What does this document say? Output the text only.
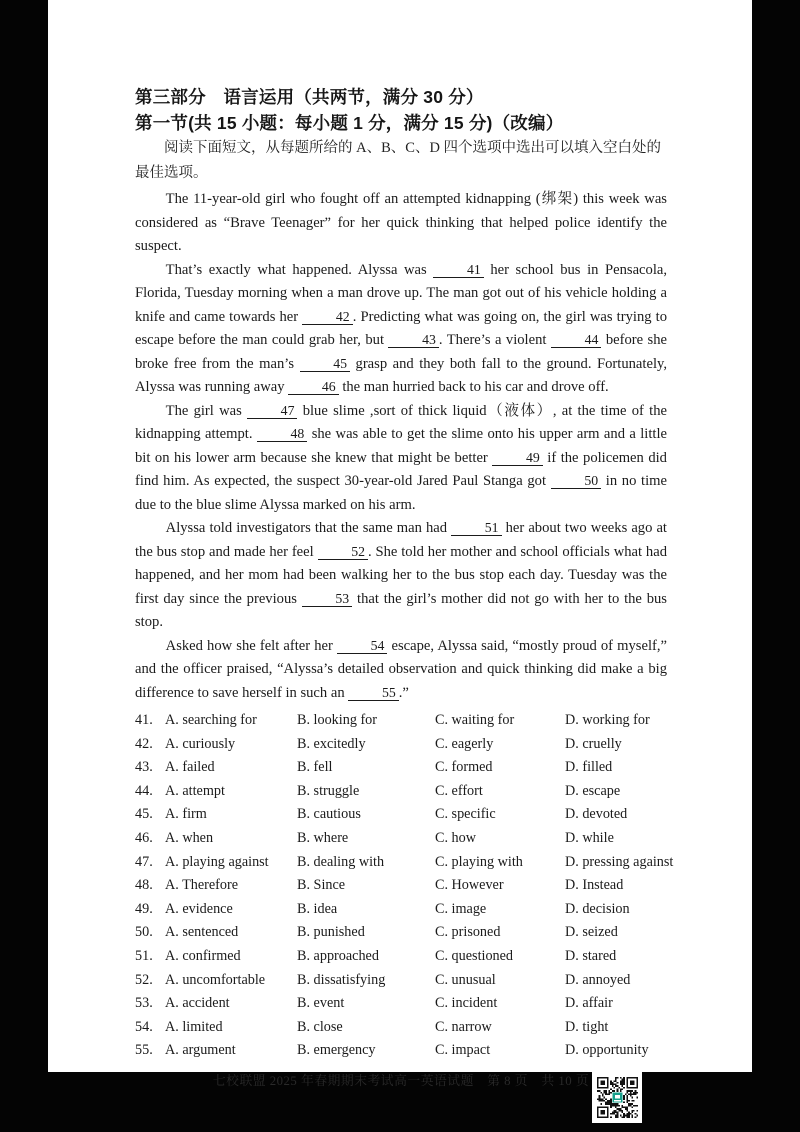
第三部分　语言运用（共两节，满分 30 分）
第一节(共 15 小题：每小题 1 分，满分 15 分)（改编）

阅读下面短文，从每题所给的 A、B、C、D 四个选项中选出可以填入空白处的最佳选项。

The 11-year-old girl who fought off an attempted kidnapping (绑架) this week was considered as “Brave Teenager” for her quick thinking that helped police identify the suspect.

That’s exactly what happened. Alyssa was 41 her school bus in Pensacola, Florida, Tuesday morning when a man drove up. The man got out of his vehicle holding a knife and came towards her 42 . Predicting what was going on, the girl was trying to escape before the man could grab her, but 43 . There’s a violent 44 before she broke free from the man’s 45 grasp and they both fall to the ground. Fortunately, Alyssa was running away 46 the man hurried back to his car and drove off.

The girl was 47 blue slime ,sort of thick liquid（液体）, at the time of the kidnapping attempt. 48 she was able to get the slime onto his upper arm and a little bit on his lower arm because she knew that might be better 49 if the policemen did find him. As expected, the suspect 30-year-old Jared Paul Stanga got 50 in no time due to the blue slime Alyssa marked on his arm.

Alyssa told investigators that the same man had 51 her about two weeks ago at the bus stop and made her feel 52 . She told her mother and school officials what had happened, and her mom had been walking her to the bus stop each day. Tuesday was the first day since the previous 53 that the girl’s mother did not go with her to the bus stop.

Asked how she felt after her 54 escape, Alyssa said, “mostly proud of myself,” and the officer praised, “Alyssa’s detailed observation and quick thinking did make a big difference to save herself in such an 55 .”

41. A. searching for	B. looking for	C. waiting for	D. working for
42. A. curiously	B. excitedly	C. eagerly	D. cruelly
43. A. failed	B. fell	C. formed	D. filled
44. A. attempt	B. struggle	C. effort	D. escape
45. A. firm	B. cautious	C. specific	D. devoted
46. A. when	B. where	C. how	D. while
47. A. playing against	B. dealing with	C. playing with	D. pressing against
48. A. Therefore	B. Since	C. However	D. Instead
49. A. evidence	B. idea	C. image	D. decision
50. A. sentenced	B. punished	C. prisoned	D. seized
51. A. confirmed	B. approached	C. questioned	D. stared
52. A. uncomfortable	B. dissatisfying	C. unusual	D. annoyed
53. A. accident	B. event	C. incident	D. affair
54. A. limited	B. close	C. narrow	D. tight
55. A. argument	B. emergency	C. impact	D. opportunity
七校联盟 2025 年春期期末考试高一英语试题　第 8 页　共 10 页
